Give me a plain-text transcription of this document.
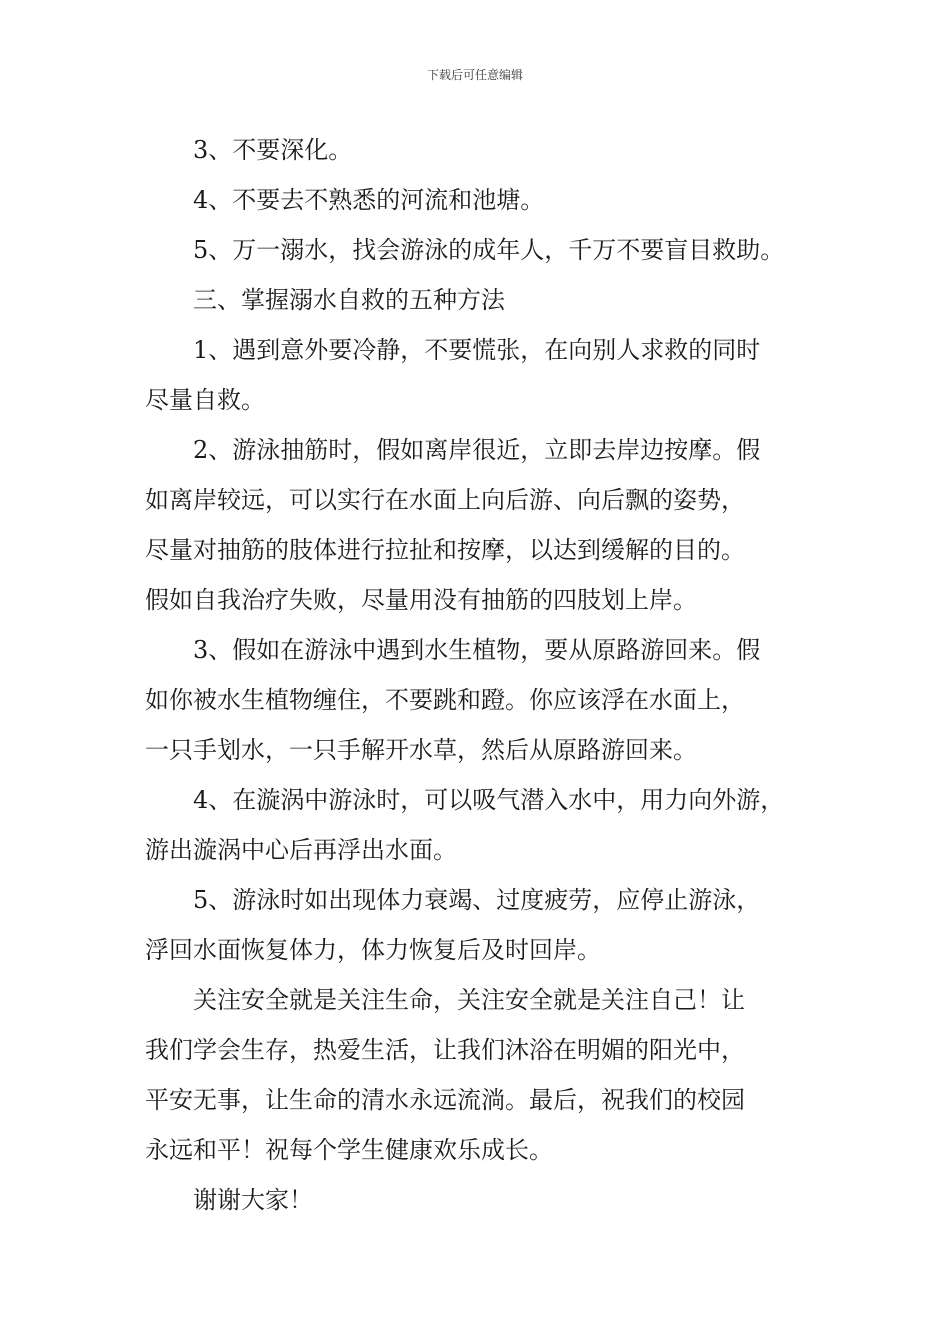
下载后可任意编辑

3、不要深化。

4、不要去不熟悉的河流和池塘。

5、万一溺水，找会游泳的成年人，千万不要盲目救助。

三、掌握溺水自救的五种方法

1、遇到意外要冷静，不要慌张，在向别人求救的同时
尽量自救。

2、游泳抽筋时，假如离岸很近，立即去岸边按摩。假
如离岸较远，可以实行在水面上向后游、向后飘的姿势，
尽量对抽筋的肢体进行拉扯和按摩，以达到缓解的目的。
假如自我治疗失败，尽量用没有抽筋的四肢划上岸。

3、假如在游泳中遇到水生植物，要从原路游回来。假
如你被水生植物缠住，不要跳和蹬。你应该浮在水面上，
一只手划水，一只手解开水草，然后从原路游回来。

4、在漩涡中游泳时，可以吸气潜入水中，用力向外游，
游出漩涡中心后再浮出水面。

5、游泳时如出现体力衰竭、过度疲劳，应停止游泳，
浮回水面恢复体力，体力恢复后及时回岸。

关注安全就是关注生命，关注安全就是关注自己！让
我们学会生存，热爱生活，让我们沐浴在明媚的阳光中，
平安无事，让生命的清水永远流淌。最后，祝我们的校园
永远和平！祝每个学生健康欢乐成长。

谢谢大家！
